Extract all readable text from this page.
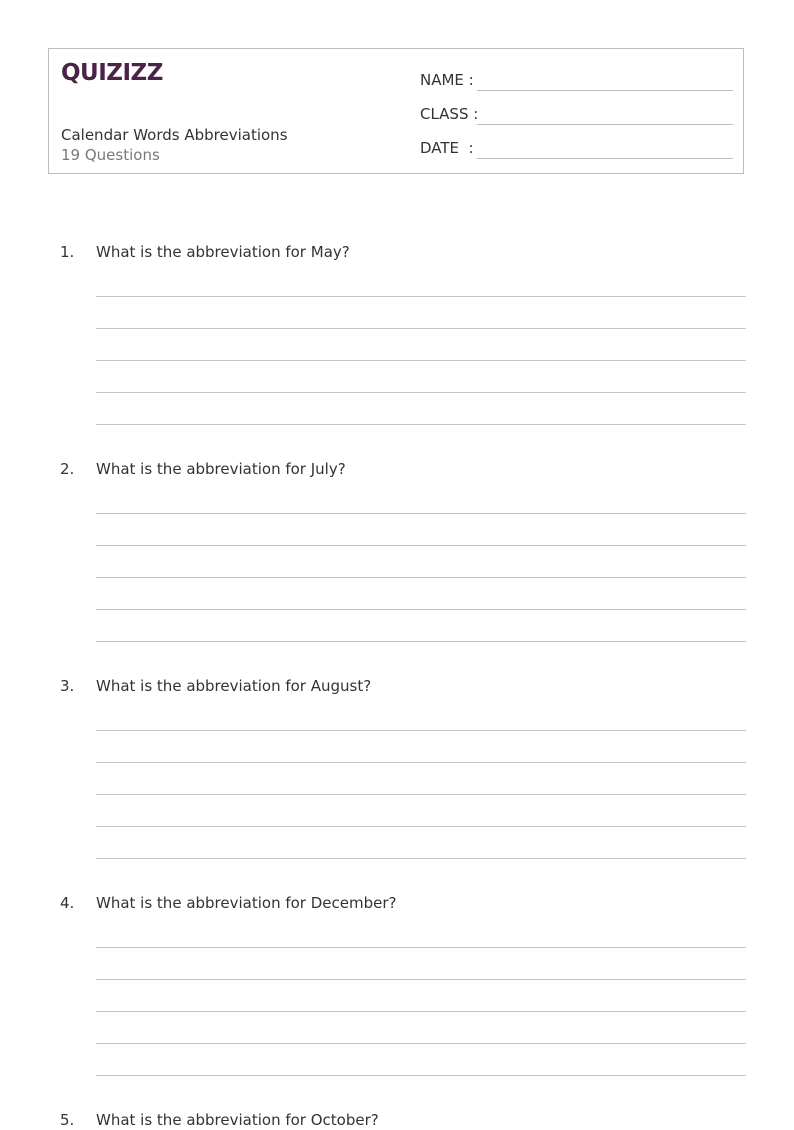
QUIZIZZ
Calendar Words Abbreviations
19 Questions
NAME :
CLASS :
DATE  :
1. What is the abbreviation for May?
2. What is the abbreviation for July?
3. What is the abbreviation for August?
4. What is the abbreviation for December?
5. What is the abbreviation for October?
